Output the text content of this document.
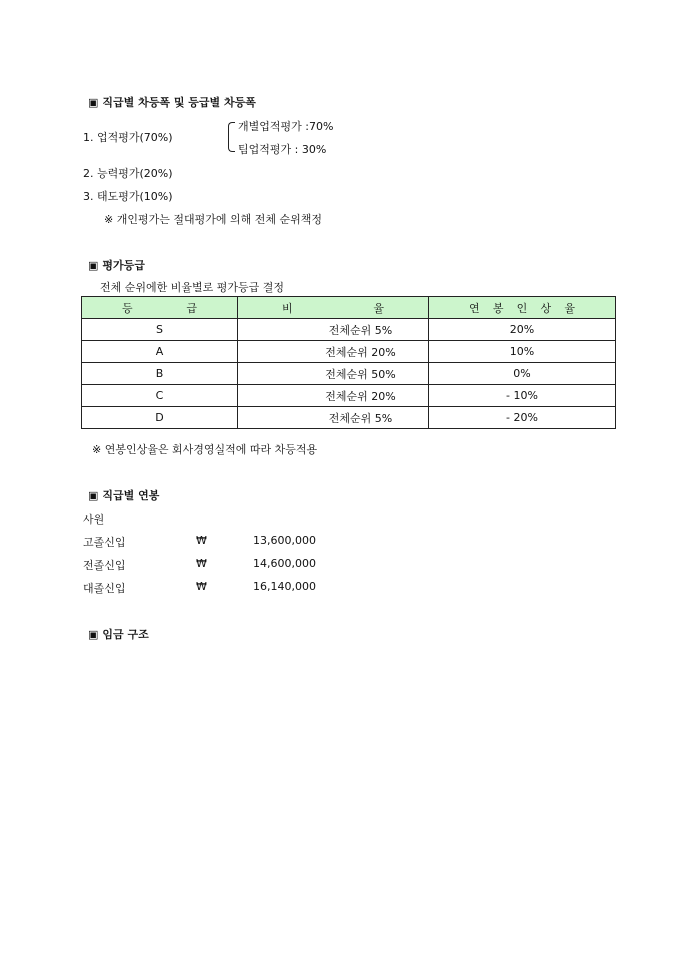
▣ 직급별 차등폭 및 등급별 차등폭
1. 업적평가(70%)
개별업적평가 :70%
팀업적평가 : 30%
2. 능력평가(20%)
3. 태도평가(10%)
※ 개인평가는 절대평가에 의해 전체 순위책정
▣ 평가등급
전체 순위에한 비율별로 평가등급 결정
등 급	비 율	연 봉 인 상 율

S	전체순위 5%	20%
A	전체순위 20%	10%
B	전체순위 50%	0%
C	전체순위 20%	- 10%
D	전체순위 5%	- 20%
※ 연봉인상율은 회사경영실적에 따라 차등적용
▣ 직급별 연봉
사원
고졸신입	₩	13,600,000
전졸신입	₩	14,600,000
대졸신입	₩	16,140,000
▣ 임금 구조
